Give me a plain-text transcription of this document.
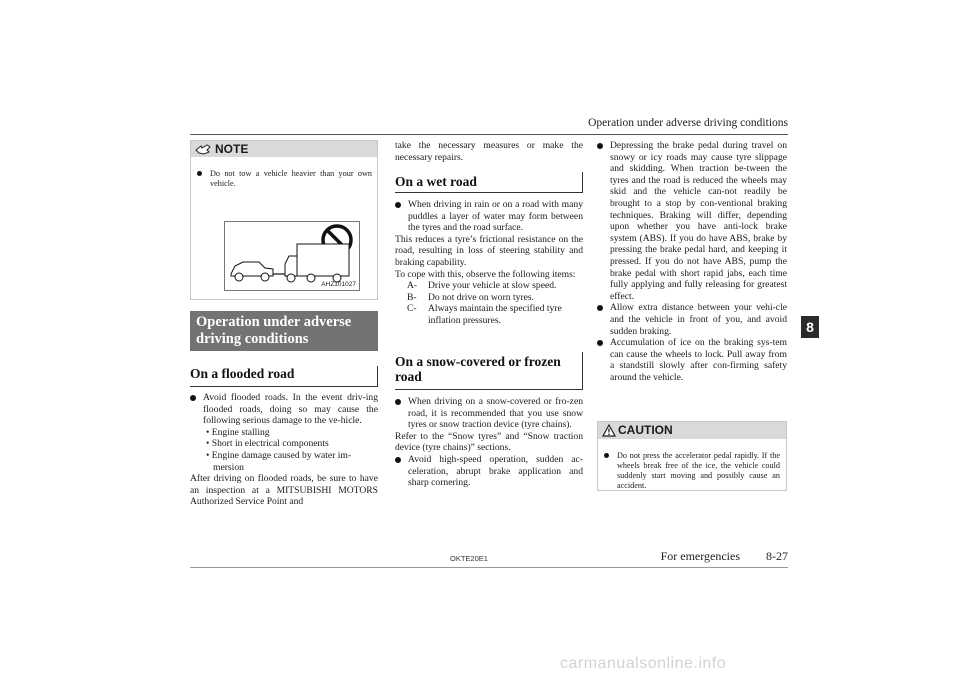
Operation under adverse driving conditions
NOTE

Do not tow a vehicle heavier than your own vehicle.

AHZ101027
Operation under adverse driving conditions

On a flooded road

Avoid flooded roads. In the event driv-ing flooded roads, doing so may cause the following serious damage to the ve-hicle.

• Engine stalling

• Short in electrical components

• Engine damage caused by water im-mersion

After driving on flooded roads, be sure to have an inspection at a MITSUBISHI MOTORS Authorized Service Point and

take the necessary measures or make the necessary repairs.

On a wet road

When driving in rain or on a road with many puddles a layer of water may form between the tyres and the road surface.

This reduces a tyre’s frictional resistance on the road, resulting in loss of steering stability and braking capability.

To cope with this, observe the following items:

A- Drive your vehicle at slow speed.

B- Do not drive on worn tyres.

C- Always maintain the specified tyre inflation pressures.

On a snow-covered or frozen road

When driving on a snow-covered or fro-zen road, it is recommended that you use snow tyres or snow traction device (tyre chains).

Refer to the “Snow tyres” and “Snow traction device (tyre chains)” sections.

Avoid high-speed operation, sudden ac-celeration, abrupt brake application and sharp cornering.

Depressing the brake pedal during travel on snowy or icy roads may cause tyre slippage and skidding. When traction be-tween the tyres and the road is reduced the wheels may skid and the vehicle can-not readily be brought to a stop by con-ventional braking techniques. Braking will differ, depending upon whether you have anti-lock brake system (ABS). If you do have ABS, brake by pressing the brake pedal hard, and keeping it pressed. If you do not have ABS, pump the brake pedal with short rapid jabs, each time fully applying and fully releasing for greatest effect.

Allow extra distance between your vehi-cle and the vehicle in front of you, and avoid sudden braking.

Accumulation of ice on the braking sys-tem can cause the wheels to lock. Pull away from a standstill slowly after con-firming safety around the vehicle.

CAUTION

Do not press the accelerator pedal rapidly. If the wheels break free of the ice, the vehicle could suddenly start moving and possibly cause an accident.

8
OKTE20E1	For emergencies 8-27
carmanualsonline.info
